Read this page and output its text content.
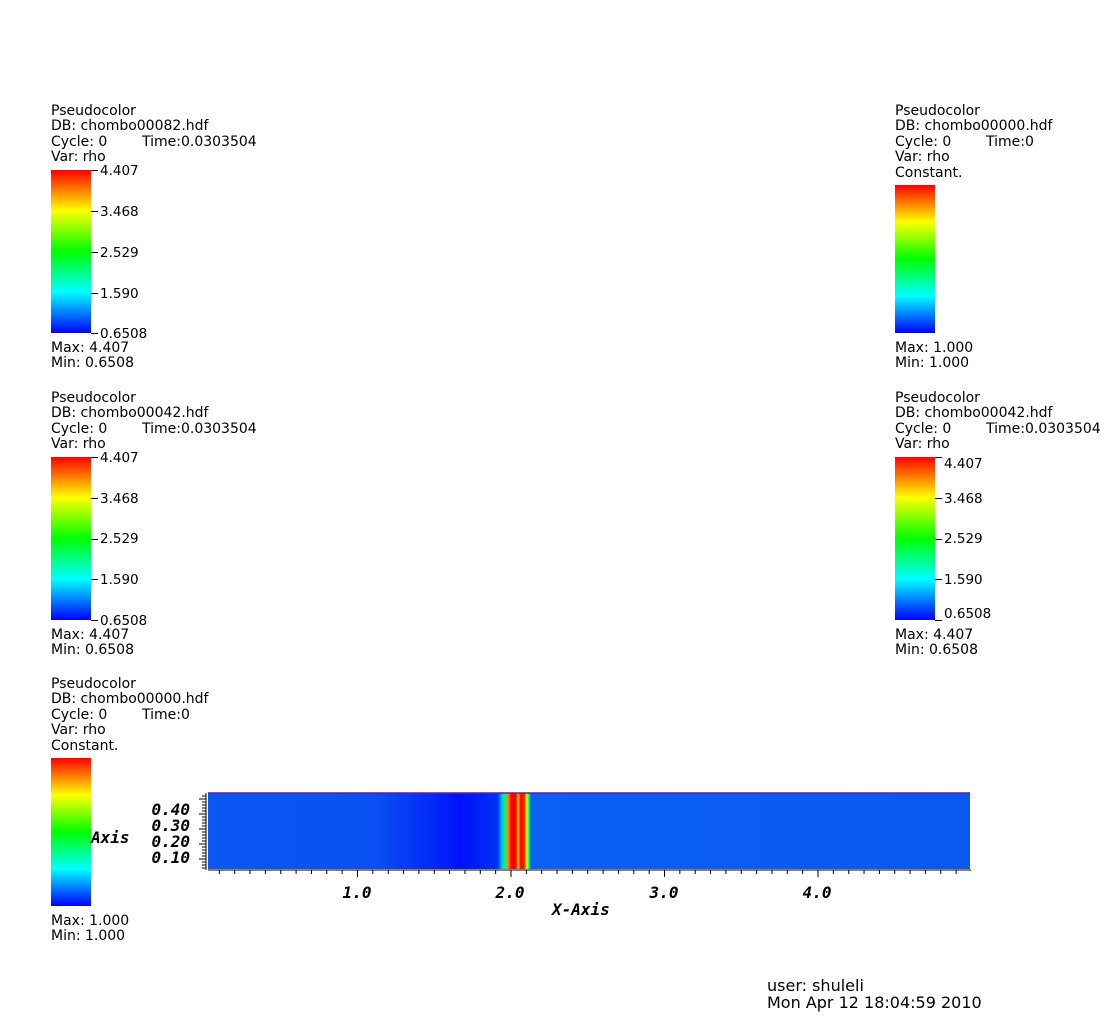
Pseudocolor
DB: chombo00082.hdf
Cycle: 0 Time:0.0303504
Var: rho
4.407
3.468
2.529
1.590
0.6508
Max: 4.407
Min: 0.6508
Pseudocolor
DB: chombo00000.hdf
Cycle: 0 Time:0
Var: rho
Constant.
Max: 1.000
Min: 1.000
Pseudocolor
DB: chombo00042.hdf
Cycle: 0 Time:0.0303504
Var: rho
4.407
3.468
2.529
1.590
0.6508
Max: 4.407
Min: 0.6508
Pseudocolor
DB: chombo00042.hdf
Cycle: 0 Time:0.0303504
Var: rho
4.407
3.468
2.529
1.590
0.6508
Max: 4.407
Min: 0.6508
Pseudocolor
DB: chombo00000.hdf
Cycle: 0 Time:0
Var: rho
Constant.
Max: 1.000
Min: 1.000
1.0	2.0	3.0	4.0
X-Axis
0.40
0.30
0.20
0.10
Axis
user: shuleli
Mon Apr 12 18:04:59 2010
